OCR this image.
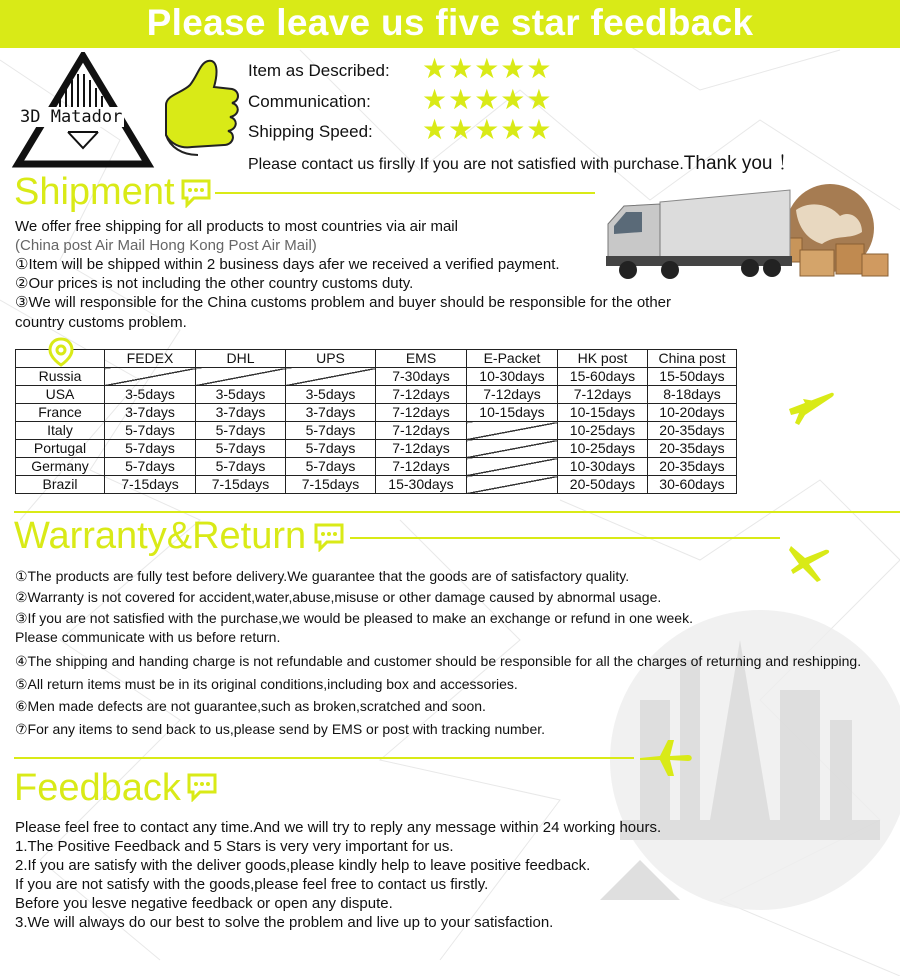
Please leave us five star feedback
3D Matador
Item as Described: ★★★★★
Communication: ★★★★★
Shipping Speed: ★★★★★
Please contact us firslly If you are not satisfied with purchase.Thank you ！
Shipment
We offer free shipping for all products to most countries via air mail
(China post Air Mail Hong Kong Post Air Mail)
①Item will be shipped within 2 business days afer we received a verified payment.
②Our prices is not including the other country customs duty.
③We will responsible for the China customs problem and buyer should be responsible for the other
country customs problem.
	FEDEX	DHL	UPS	EMS	E-Packet	HK post	China post
Russia				7-30days	10-30days	15-60days	15-50days
USA	3-5days	3-5days	3-5days	7-12days	7-12days	7-12days	8-18days
France	3-7days	3-7days	3-7days	7-12days	10-15days	10-15days	10-20days
Italy	5-7days	5-7days	5-7days	7-12days		10-25days	20-35days
Portugal	5-7days	5-7days	5-7days	7-12days		10-25days	20-35days
Germany	5-7days	5-7days	5-7days	7-12days		10-30days	20-35days
Brazil	7-15days	7-15days	7-15days	15-30days		20-50days	30-60days
Warranty&Return
①The products are fully test before delivery.We guarantee that the goods are of satisfactory quality.
②Warranty is not covered for accident,water,abuse,misuse or other damage caused by abnormal usage.
③If you are not satisfied with the purchase,we would be pleased to make an exchange or refund in one week.
Please communicate with us before return.
④The shipping and handing charge is not refundable and customer should be responsible for all the charges of returning and reshipping.
⑤All return items must be in its original conditions,including box and accessories.
⑥Men made defects are not guarantee,such as broken,scratched and soon.
⑦For any items to send back to us,please send by EMS or post with tracking number.
Feedback
Please feel free to contact any time.And we will try to reply any message within 24 working hours.
1.The Positive Feedback and 5 Stars is very very important for us.
2.If you are satisfy with the deliver goods,please kindly help to leave positive feedback.
If you are not satisfy with the goods,please feel free to contact us firstly.
Before you lesve negative feedback or open any dispute.
3.We will always do our best to solve the problem and live up to your satisfaction.
